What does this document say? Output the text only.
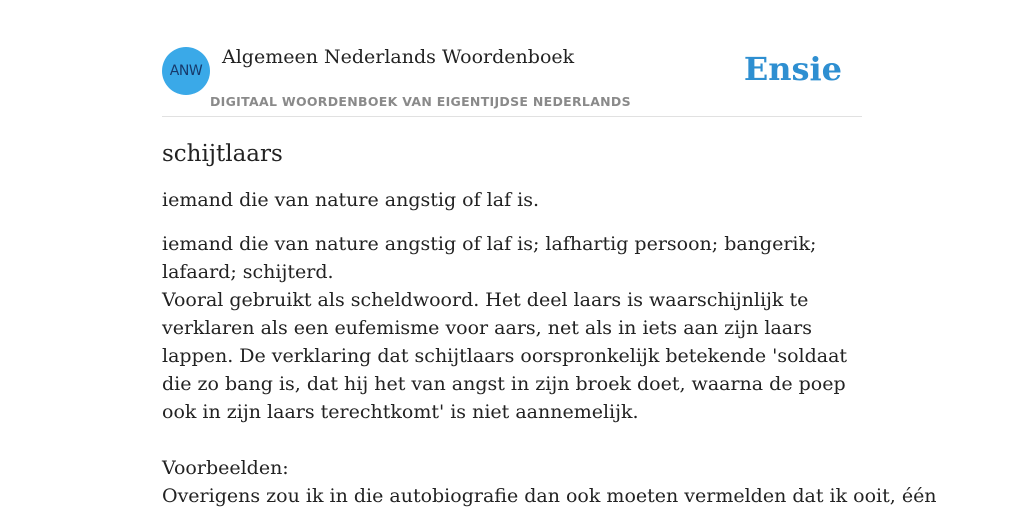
ANW
Algemeen Nederlands Woordenboek
DIGITAAL WOORDENBOEK VAN EIGENTIJDSE NEDERLANDS
Ensie
schijtlaars

iemand die van nature angstig of laf is.

iemand die van nature angstig of laf is; lafhartig persoon; bangerik; lafaard; schijterd.

Vooral gebruikt als scheldwoord. Het deel laars is waarschijnlijk te verklaren als een eufemisme voor aars, net als in iets aan zijn laars lappen. De verklaring dat schijtlaars oorspronkelijk betekende 'soldaat die zo bang is, dat hij het van angst in zijn broek doet, waarna de poep ook in zijn laars terechtkomt' is niet aannemelijk.

Voorbeelden:

Overigens zou ik in die autobiografie dan ook moeten vermelden dat ik ooit, één
